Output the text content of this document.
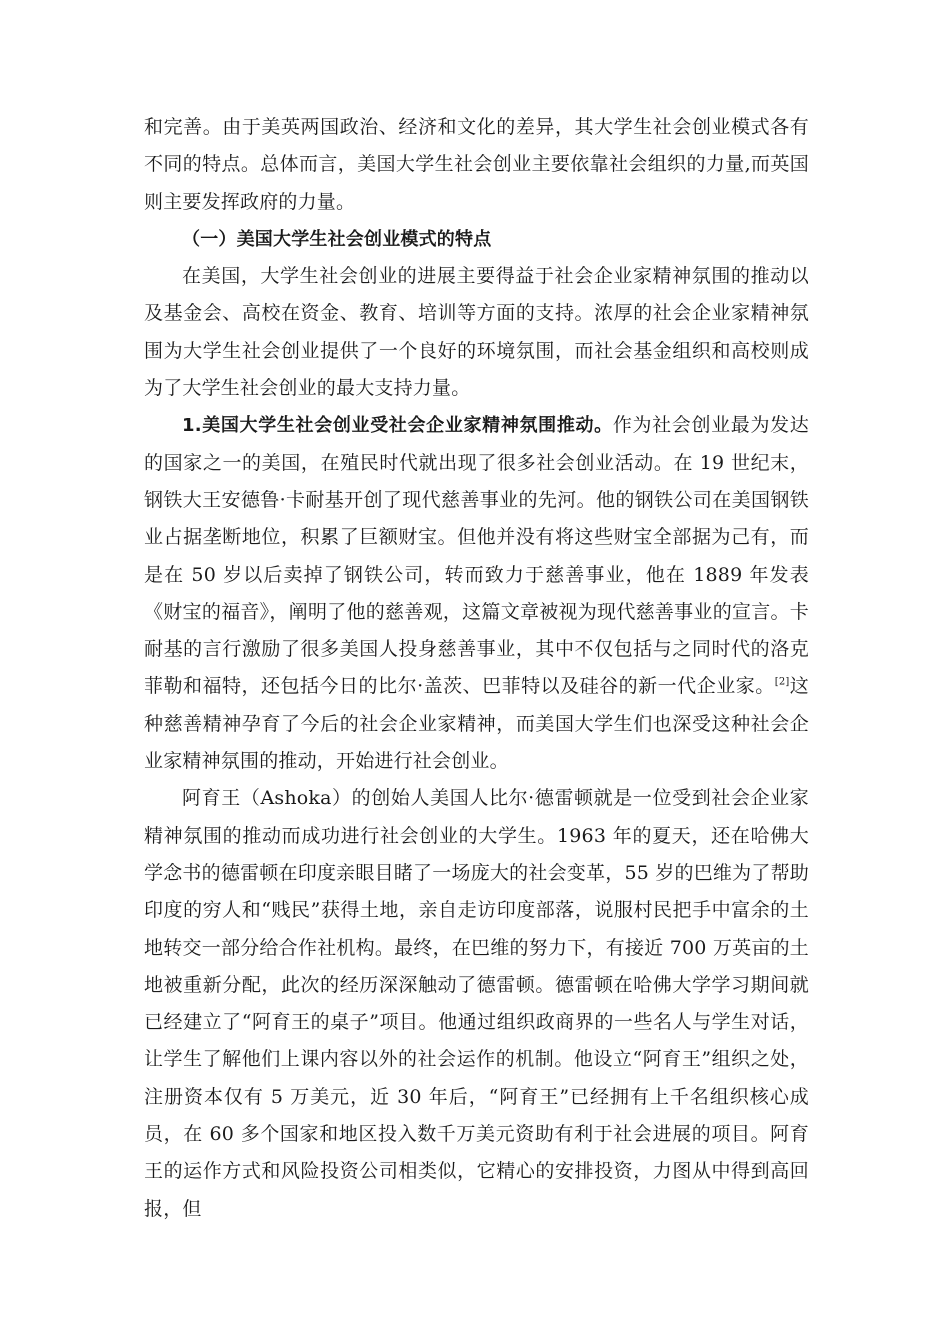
和完善。由于美英两国政治、经济和文化的差异，其大学生社会创业模式各有不同的特点。总体而言，美国大学生社会创业主要依靠社会组织的力量,而英国则主要发挥政府的力量。

（一）美国大学生社会创业模式的特点

在美国，大学生社会创业的进展主要得益于社会企业家精神氛围的推动以及基金会、高校在资金、教育、培训等方面的支持。浓厚的社会企业家精神氛围为大学生社会创业提供了一个良好的环境氛围，而社会基金组织和高校则成为了大学生社会创业的最大支持力量。

1.美国大学生社会创业受社会企业家精神氛围推动。作为社会创业最为发达的国家之一的美国，在殖民时代就出现了很多社会创业活动。在 19 世纪末，钢铁大王安德鲁·卡耐基开创了现代慈善事业的先河。他的钢铁公司在美国钢铁业占据垄断地位，积累了巨额财宝。但他并没有将这些财宝全部据为己有，而是在 50 岁以后卖掉了钢铁公司，转而致力于慈善事业，他在 1889 年发表《财宝的福音》，阐明了他的慈善观，这篇文章被视为现代慈善事业的宣言。卡耐基的言行激励了很多美国人投身慈善事业，其中不仅包括与之同时代的洛克菲勒和福特，还包括今日的比尔·盖茨、巴菲特以及硅谷的新一代企业家。[2]这种慈善精神孕育了今后的社会企业家精神，而美国大学生们也深受这种社会企业家精神氛围的推动，开始进行社会创业。

阿育王（Ashoka）的创始人美国人比尔·德雷顿就是一位受到社会企业家精神氛围的推动而成功进行社会创业的大学生。1963 年的夏天，还在哈佛大学念书的德雷顿在印度亲眼目睹了一场庞大的社会变革，55 岁的巴维为了帮助印度的穷人和“贱民”获得土地，亲自走访印度部落，说服村民把手中富余的土地转交一部分给合作社机构。最终，在巴维的努力下，有接近 700 万英亩的土地被重新分配，此次的经历深深触动了德雷顿。德雷顿在哈佛大学学习期间就已经建立了“阿育王的桌子”项目。他通过组织政商界的一些名人与学生对话，让学生了解他们上课内容以外的社会运作的机制。他设立“阿育王”组织之处，注册资本仅有 5 万美元，近 30 年后，“阿育王”已经拥有上千名组织核心成员，在 60 多个国家和地区投入数千万美元资助有利于社会进展的项目。阿育王的运作方式和风险投资公司相类似，它精心的安排投资，力图从中得到高回报，但
